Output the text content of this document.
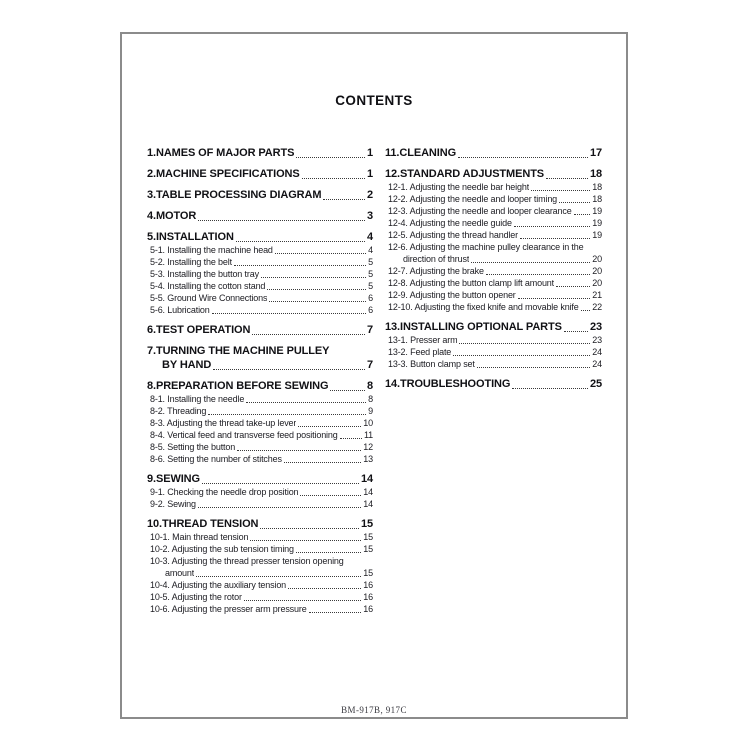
CONTENTS
1.NAMES OF MAJOR PARTS	1
2.MACHINE SPECIFICATIONS	1
3.TABLE PROCESSING DIAGRAM	2
4.MOTOR	3
5.INSTALLATION	4
5-1. Installing the machine head	4
5-2. Installing the belt	5
5-3. Installing the button tray	5
5-4. Installing the cotton stand	5
5-5. Ground Wire Connections	6
5-6. Lubrication	6
6.TEST OPERATION	7
7.TURNING THE MACHINE PULLEY
BY HAND	7
8.PREPARATION BEFORE SEWING	8
8-1. Installing the needle	8
8-2. Threading	9
8-3. Adjusting the thread take-up lever	10
8-4. Vertical feed and transverse feed positioning	11
8-5. Setting the button	12
8-6. Setting the number of stitches	13
9.SEWING	14
9-1. Checking the needle drop position	14
9-2. Sewing	14
10.THREAD TENSION	15
10-1. Main thread tension	15
10-2. Adjusting the sub tension timing	15
10-3. Adjusting the thread presser tension opening
amount	15
10-4. Adjusting the auxiliary tension	16
10-5. Adjusting the rotor	16
10-6. Adjusting the presser arm pressure	16
11.CLEANING	17
12.STANDARD ADJUSTMENTS	18
12-1. Adjusting the needle bar height	18
12-2. Adjusting the needle and looper timing	18
12-3. Adjusting the needle and looper clearance 19
12-4. Adjusting the needle guide	19
12-5. Adjusting the thread handler	19
12-6. Adjusting the machine pulley clearance in the
direction of thrust	20
12-7. Adjusting the brake	20
12-8. Adjusting the button clamp lift amount	20
12-9. Adjusting the button opener	21
12-10. Adjusting the fixed knife and movable knife 22
13.INSTALLING OPTIONAL PARTS	23
13-1. Presser arm	23
13-2. Feed plate	24
13-3. Button clamp set	24
14.TROUBLESHOOTING	25
BM-917B, 917C
